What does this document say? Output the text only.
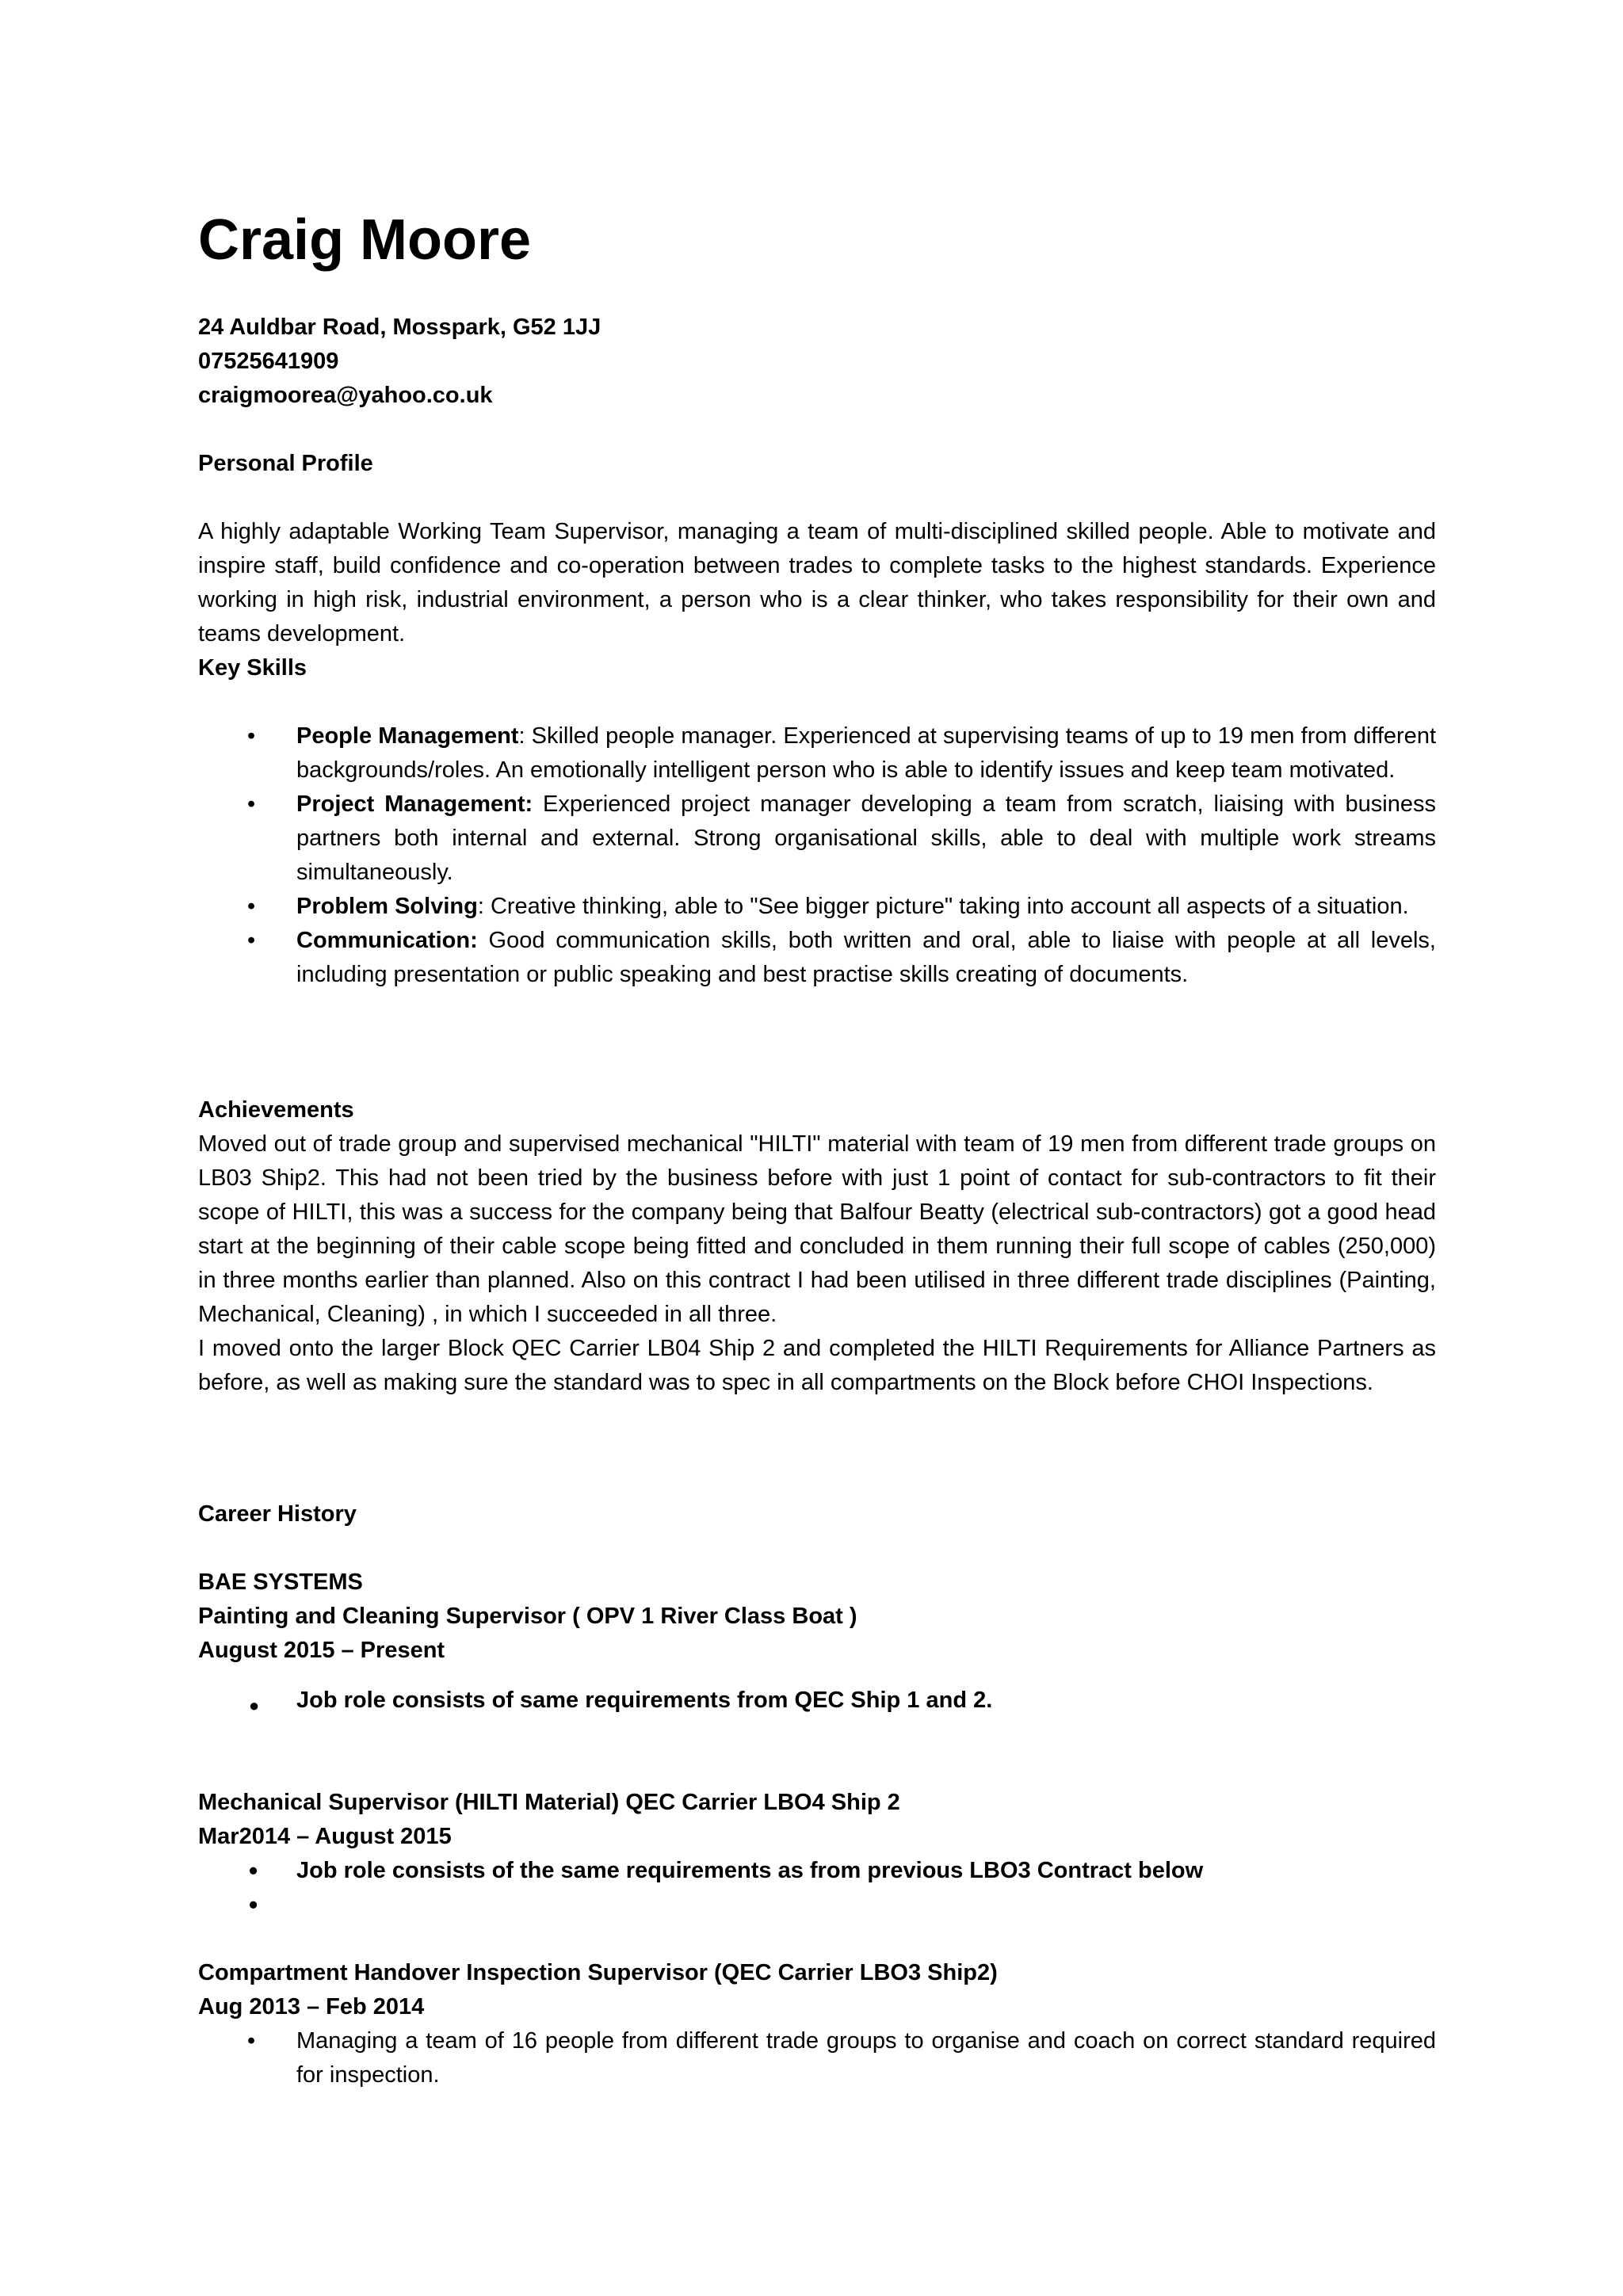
Craig Moore
24 Auldbar Road, Mosspark, G52 1JJ
07525641909
craigmoorea@yahoo.co.uk
Personal Profile
A highly adaptable Working Team Supervisor, managing a team of multi-disciplined skilled people. Able to motivate and inspire staff, build confidence and co-operation between trades to complete tasks to the highest standards. Experience working in high risk, industrial environment, a person who is a clear thinker, who takes responsibility for their own and teams development.
Key Skills
• People Management: Skilled people manager. Experienced at supervising teams of up to 19 men from different backgrounds/roles. An emotionally intelligent person who is able to identify issues and keep team motivated.
• Project Management: Experienced project manager developing a team from scratch, liaising with business partners both internal and external. Strong organisational skills, able to deal with multiple work streams simultaneously.
• Problem Solving: Creative thinking, able to "See bigger picture" taking into account all aspects of a situation.
• Communication: Good communication skills, both written and oral, able to liaise with people at all levels, including presentation or public speaking and best practise skills creating of documents.
Achievements
Moved out of trade group and supervised mechanical "HILTI" material with team of 19 men from different trade groups on LB03 Ship2. This had not been tried by the business before with just 1 point of contact for sub-contractors to fit their scope of HILTI, this was a success for the company being that Balfour Beatty (electrical sub-contractors) got a good head start at the beginning of their cable scope being fitted and concluded in them running their full scope of cables (250,000) in three months earlier than planned. Also on this contract I had been utilised in three different trade disciplines (Painting, Mechanical, Cleaning) , in which I succeeded in all three.
I moved onto the larger Block QEC Carrier LB04 Ship 2 and completed the HILTI Requirements for Alliance Partners as before, as well as making sure the standard was to spec in all compartments on the Block before CHOI Inspections.
Career History
BAE SYSTEMS
Painting and Cleaning Supervisor ( OPV 1 River Class Boat )
August 2015 – Present
● Job role consists of same requirements from QEC Ship 1 and 2.
Mechanical Supervisor (HILTI Material) QEC Carrier LBO4 Ship 2
Mar2014 – August 2015
• Job role consists of the same requirements as from previous LBO3 Contract below
•
Compartment Handover Inspection Supervisor (QEC Carrier LBO3 Ship2)
Aug 2013 – Feb 2014
• Managing a team of 16 people from different trade groups to organise and coach on correct standard required for inspection.
